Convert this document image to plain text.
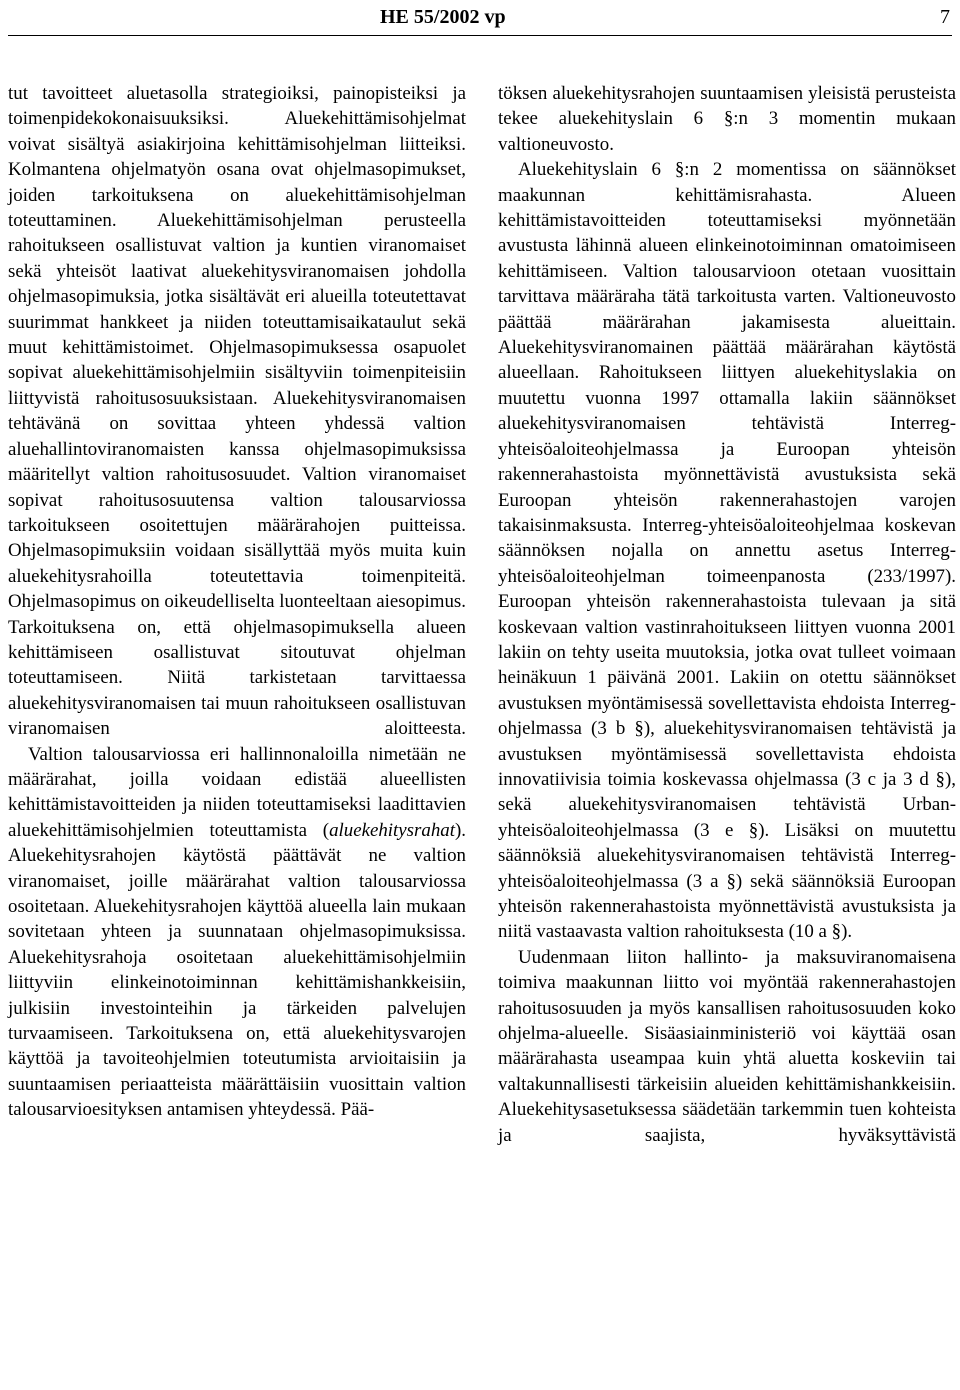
HE 55/2002 vp	7

tut tavoitteet aluetasolla strategioiksi, painopisteiksi ja toimenpidekokonaisuuksiksi. Aluekehittämisohjelmat voivat sisältyä asiakirjoina kehittämisohjelman liitteiksi. Kolmantena ohjelmatyön osana ovat ohjelmasopimukset, joiden tarkoituksena on aluekehittämisohjelman toteuttaminen. Aluekehittämisohjelman perusteella rahoitukseen osallistuvat valtion ja kuntien viranomaiset sekä yhteisöt laativat aluekehitysviranomaisen johdolla ohjelmasopimuksia, jotka sisältävät eri alueilla toteutettavat suurimmat hankkeet ja niiden toteuttamisaikataulut sekä muut kehittämistoimet. Ohjelmasopimuksessa osapuolet sopivat aluekehittämisohjelmiin sisältyviin toimenpiteisiin liittyvistä rahoitusosuuksistaan. Aluekehitysviranomaisen tehtävänä on sovittaa yhteen yhdessä valtion aluehallintoviranomaisten kanssa ohjelmasopimuksissa määritellyt valtion rahoitusosuudet. Valtion viranomaiset sopivat rahoitusosuutensa valtion talousarviossa tarkoitukseen osoitettujen määrärahojen puitteissa. Ohjelmasopimuksiin voidaan sisällyttää myös muita kuin aluekehitysrahoilla toteutettavia toimenpiteitä. Ohjelmasopimus on oikeudelliselta luonteeltaan aiesopimus. Tarkoituksena on, että ohjelmasopimuksella alueen kehittämiseen osallistuvat sitoutuvat ohjelman toteuttamiseen. Niitä tarkistetaan tarvittaessa aluekehitysviranomaisen tai muun rahoitukseen osallistuvan viranomaisen aloitteesta.

Valtion talousarviossa eri hallinnonaloilla nimetään ne määrärahat, joilla voidaan edistää alueellisten kehittämistavoitteiden ja niiden toteuttamiseksi laadittavien aluekehittämisohjelmien toteuttamista (aluekehitysrahat). Aluekehitysrahojen käytöstä päättävät ne valtion viranomaiset, joille määrärahat valtion talousarviossa osoitetaan. Aluekehitysrahojen käyttöä alueella lain mukaan sovitetaan yhteen ja suunnataan ohjelmasopimuksissa. Aluekehitysrahoja osoitetaan aluekehittämisohjelmiin liittyviin elinkeinotoiminnan kehittämishankkeisiin, julkisiin investointeihin ja tärkeiden palvelujen turvaamiseen. Tarkoituksena on, että aluekehitysvarojen käyttöä ja tavoiteohjelmien toteutumista arvioitaisiin ja suuntaamisen periaatteista määrättäisiin vuosittain valtion talousarvioesityksen antamisen yhteydessä. Pää-

töksen aluekehitysrahojen suuntaamisen yleisistä perusteista tekee aluekehityslain 6 §:n 3 momentin mukaan valtioneuvosto.

Aluekehityslain 6 §:n 2 momentissa on säännökset maakunnan kehittämisrahasta. Alueen kehittämistavoitteiden toteuttamiseksi myönnetään avustusta lähinnä alueen elinkeinotoiminnan omatoimiseen kehittämiseen. Valtion talousarvioon otetaan vuosittain tarvittava määräraha tätä tarkoitusta varten. Valtioneuvosto päättää määrärahan jakamisesta alueittain. Aluekehitysviranomainen päättää määrärahan käytöstä alueellaan. Rahoitukseen liittyen aluekehityslakia on muutettu vuonna 1997 ottamalla lakiin säännökset aluekehitysviranomaisen tehtävistä Interreg-yhteisöaloiteohjelmassa ja Euroopan yhteisön rakennerahastoista myönnettävistä avustuksista sekä Euroopan yhteisön rakennerahastojen varojen takaisinmaksusta. Interreg-yhteisöaloiteohjelmaa koskevan säännöksen nojalla on annettu asetus Interreg-yhteisöaloiteohjelman toimeenpanosta (233/1997). Euroopan yhteisön rakennerahastoista tulevaan ja sitä koskevaan valtion vastinrahoitukseen liittyen vuonna 2001 lakiin on tehty useita muutoksia, jotka ovat tulleet voimaan heinäkuun 1 päivänä 2001. Lakiin on otettu säännökset avustuksen myöntämisessä sovellettavista ehdoista Interreg-ohjelmassa (3 b §), aluekehitysviranomaisen tehtävistä ja avustuksen myöntämisessä sovellettavista ehdoista innovatiivisia toimia koskevassa ohjelmassa (3 c ja 3 d §), sekä aluekehitysviranomaisen tehtävistä Urban-yhteisöaloiteohjelmassa (3 e §). Lisäksi on muutettu säännöksiä aluekehitysviranomaisen tehtävistä Interreg-yhteisöaloiteohjelmassa (3 a §) sekä säännöksiä Euroopan yhteisön rakennerahastoista myönnettävistä avustuksista ja niitä vastaavasta valtion rahoituksesta (10 a §).

Uudenmaan liiton hallinto- ja maksuviranomaisena toimiva maakunnan liitto voi myöntää rakennerahastojen rahoitusosuuden ja myös kansallisen rahoitusosuuden koko ohjelma-alueelle. Sisäasiainministeriö voi käyttää osan määrärahasta useampaa kuin yhtä aluetta koskeviin tai valtakunnallisesti tärkeisiin alueiden kehittämishankkeisiin. Aluekehitysasetuksessa säädetään tarkemmin tuen kohteista ja saajista, hyväksyttävistä
